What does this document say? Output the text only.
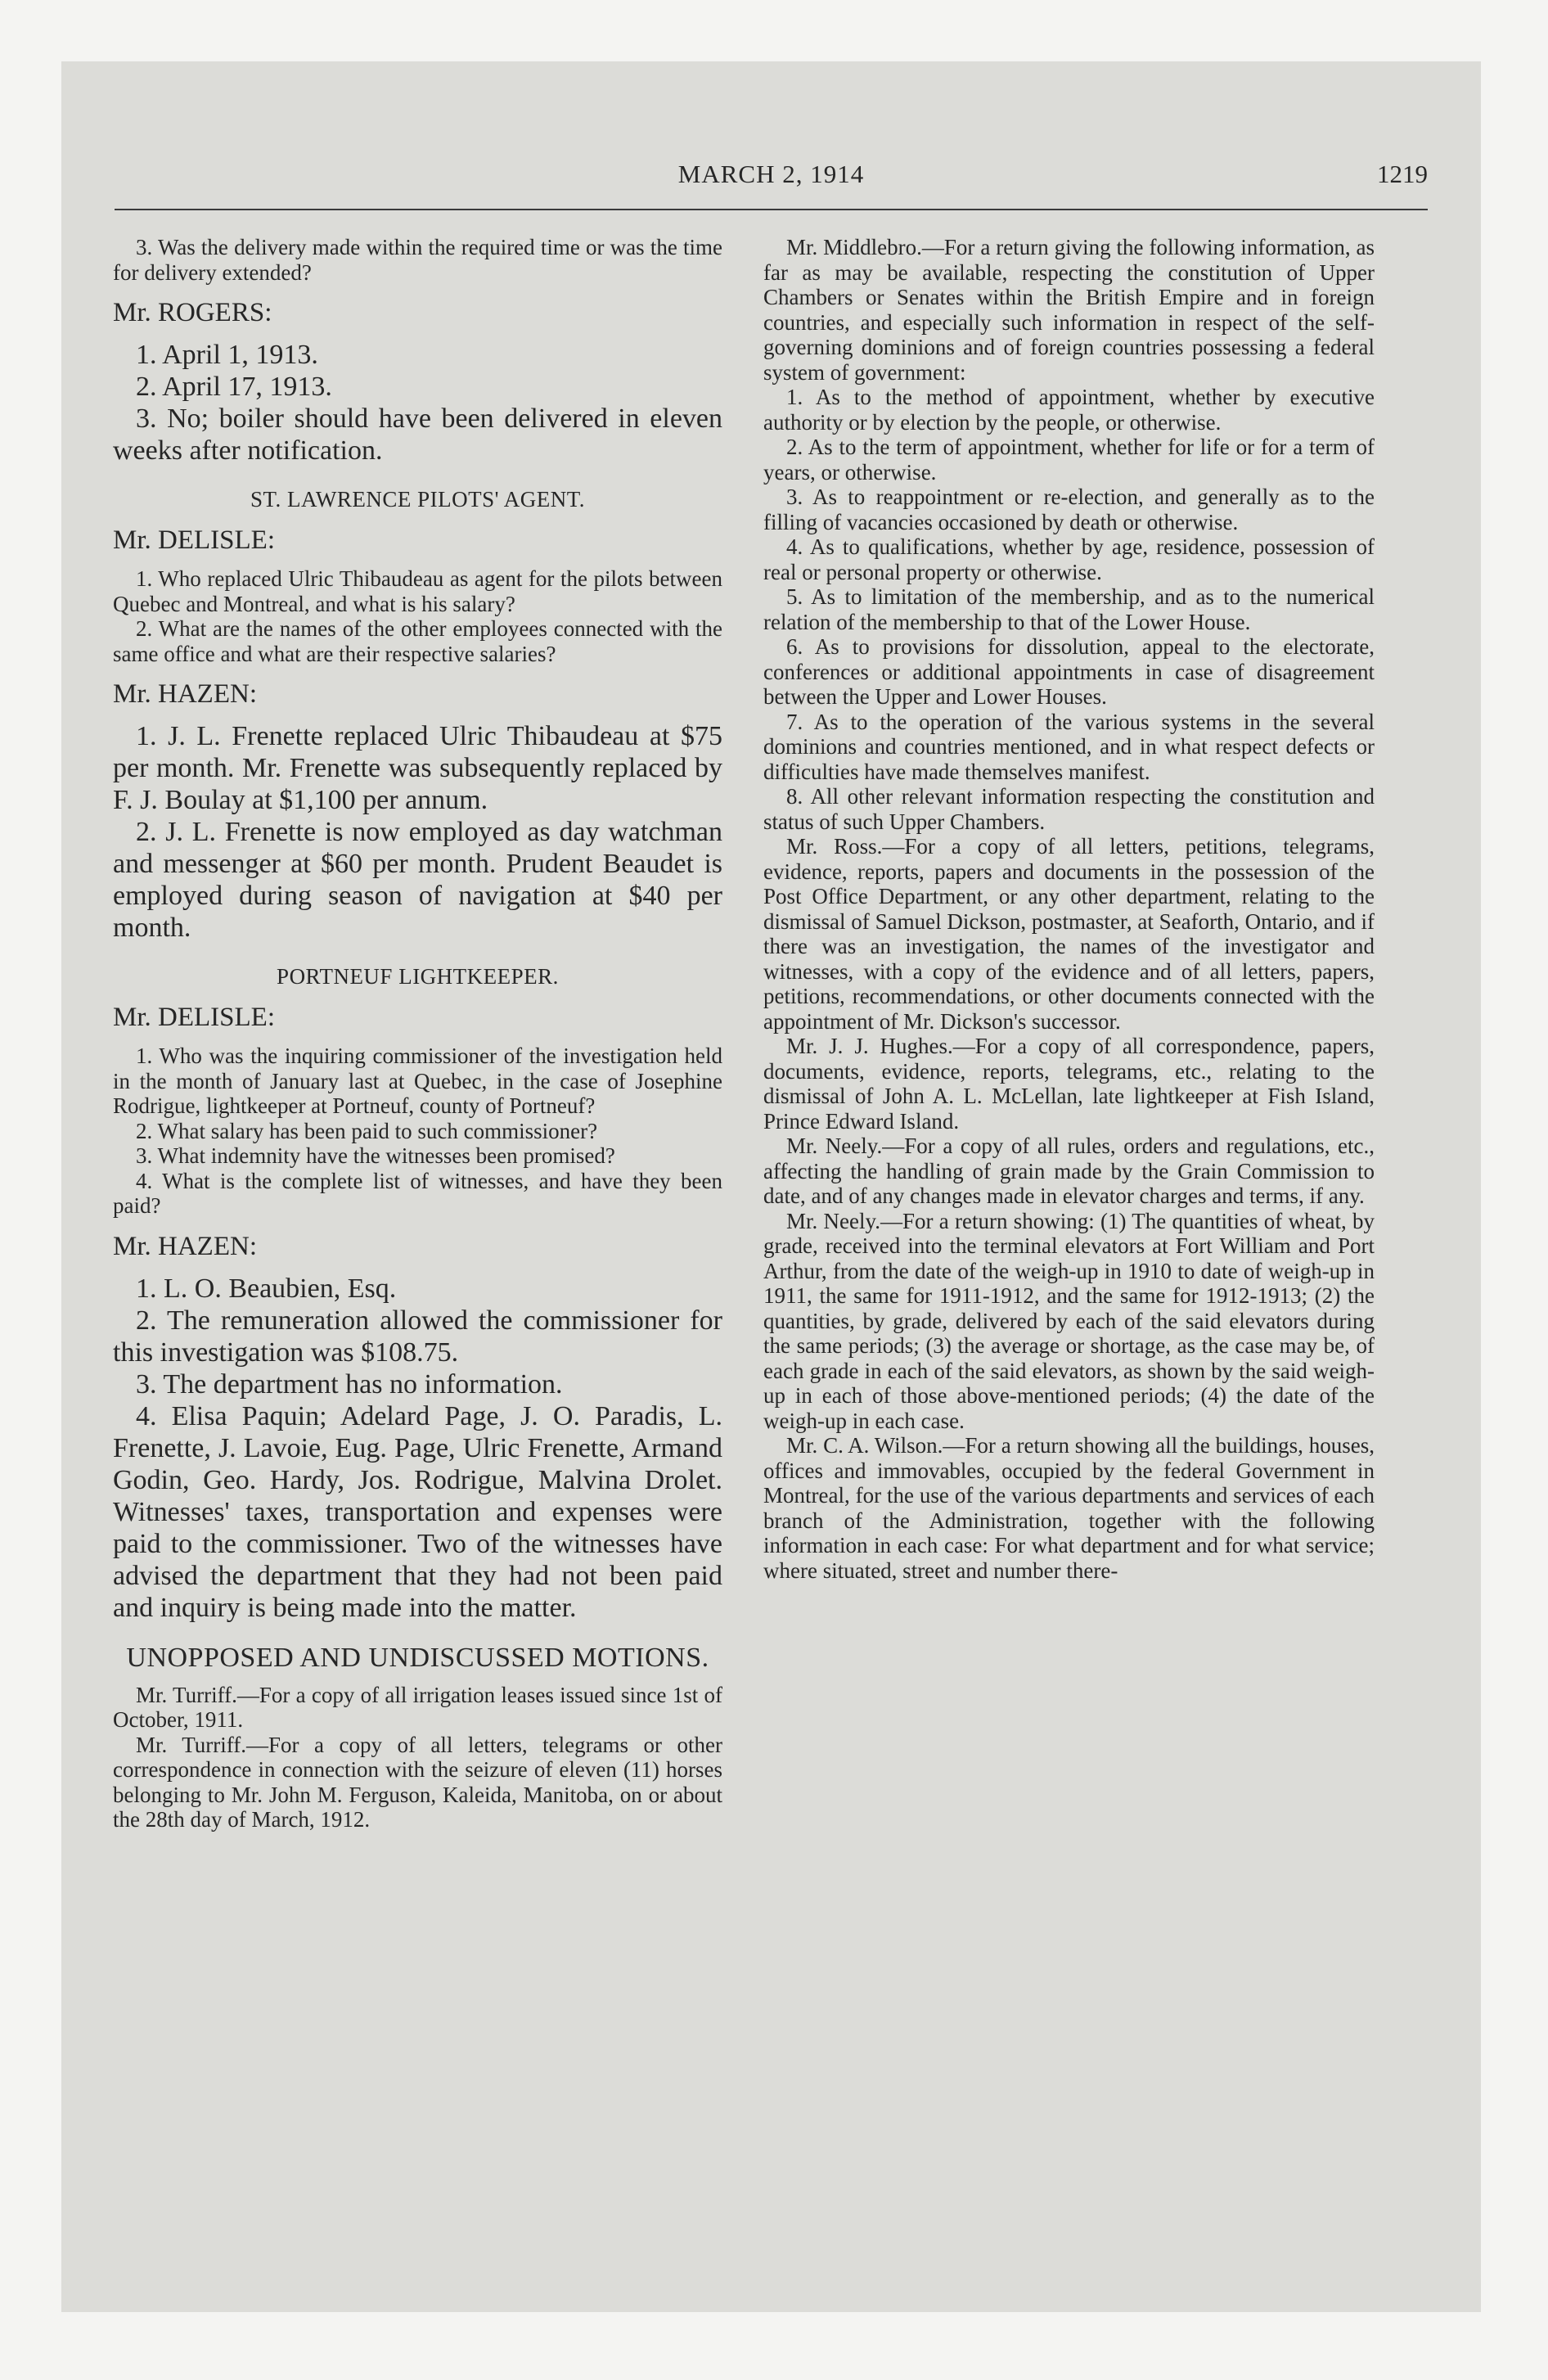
MARCH 2, 1914	1219

3. Was the delivery made within the required time or was the time for delivery extended?

Mr. ROGERS:

1. April 1, 1913.

2. April 17, 1913.

3. No; boiler should have been delivered in eleven weeks after notification.

ST. LAWRENCE PILOTS' AGENT.

Mr. DELISLE:

1. Who replaced Ulric Thibaudeau as agent for the pilots between Quebec and Montreal, and what is his salary?

2. What are the names of the other employees connected with the same office and what are their respective salaries?

Mr. HAZEN:

1. J. L. Frenette replaced Ulric Thibaudeau at $75 per month. Mr. Frenette was subsequently replaced by F. J. Boulay at $1,100 per annum.

2. J. L. Frenette is now employed as day watchman and messenger at $60 per month. Prudent Beaudet is employed during season of navigation at $40 per month.

PORTNEUF LIGHTKEEPER.

Mr. DELISLE:

1. Who was the inquiring commissioner of the investigation held in the month of January last at Quebec, in the case of Josephine Rodrigue, lightkeeper at Portneuf, county of Portneuf?

2. What salary has been paid to such commissioner?

3. What indemnity have the witnesses been promised?

4. What is the complete list of witnesses, and have they been paid?

Mr. HAZEN:

1. L. O. Beaubien, Esq.

2. The remuneration allowed the commissioner for this investigation was $108.75.

3. The department has no information.

4. Elisa Paquin; Adelard Page, J. O. Paradis, L. Frenette, J. Lavoie, Eug. Page, Ulric Frenette, Armand Godin, Geo. Hardy, Jos. Rodrigue, Malvina Drolet. Witnesses' taxes, transportation and expenses were paid to the commissioner. Two of the witnesses have advised the department that they had not been paid and inquiry is being made into the matter.

UNOPPOSED AND UNDISCUSSED MOTIONS.

Mr. Turriff.—For a copy of all irrigation leases issued since 1st of October, 1911.

Mr. Turriff.—For a copy of all letters, telegrams or other correspondence in connection with the seizure of eleven (11) horses belonging to Mr. John M. Ferguson, Kaleida, Manitoba, on or about the 28th day of March, 1912.

Mr. Middlebro.—For a return giving the following information, as far as may be available, respecting the constitution of Upper Chambers or Senates within the British Empire and in foreign countries, and especially such information in respect of the self-governing dominions and of foreign countries possessing a federal system of government:

1. As to the method of appointment, whether by executive authority or by election by the people, or otherwise.

2. As to the term of appointment, whether for life or for a term of years, or otherwise.

3. As to reappointment or re-election, and generally as to the filling of vacancies occasioned by death or otherwise.

4. As to qualifications, whether by age, residence, possession of real or personal property or otherwise.

5. As to limitation of the membership, and as to the numerical relation of the membership to that of the Lower House.

6. As to provisions for dissolution, appeal to the electorate, conferences or additional appointments in case of disagreement between the Upper and Lower Houses.

7. As to the operation of the various systems in the several dominions and countries mentioned, and in what respect defects or difficulties have made themselves manifest.

8. All other relevant information respecting the constitution and status of such Upper Chambers.

Mr. Ross.—For a copy of all letters, petitions, telegrams, evidence, reports, papers and documents in the possession of the Post Office Department, or any other department, relating to the dismissal of Samuel Dickson, postmaster, at Seaforth, Ontario, and if there was an investigation, the names of the investigator and witnesses, with a copy of the evidence and of all letters, papers, petitions, recommendations, or other documents connected with the appointment of Mr. Dickson's successor.

Mr. J. J. Hughes.—For a copy of all correspondence, papers, documents, evidence, reports, telegrams, etc., relating to the dismissal of John A. L. McLellan, late lightkeeper at Fish Island, Prince Edward Island.

Mr. Neely.—For a copy of all rules, orders and regulations, etc., affecting the handling of grain made by the Grain Commission to date, and of any changes made in elevator charges and terms, if any.

Mr. Neely.—For a return showing: (1) The quantities of wheat, by grade, received into the terminal elevators at Fort William and Port Arthur, from the date of the weigh-up in 1910 to date of weigh-up in 1911, the same for 1911-1912, and the same for 1912-1913; (2) the quantities, by grade, delivered by each of the said elevators during the same periods; (3) the average or shortage, as the case may be, of each grade in each of the said elevators, as shown by the said weigh-up in each of those above-mentioned periods; (4) the date of the weigh-up in each case.

Mr. C. A. Wilson.—For a return showing all the buildings, houses, offices and immovables, occupied by the federal Government in Montreal, for the use of the various departments and services of each branch of the Administration, together with the following information in each case: For what department and for what service; where situated, street and number there-
